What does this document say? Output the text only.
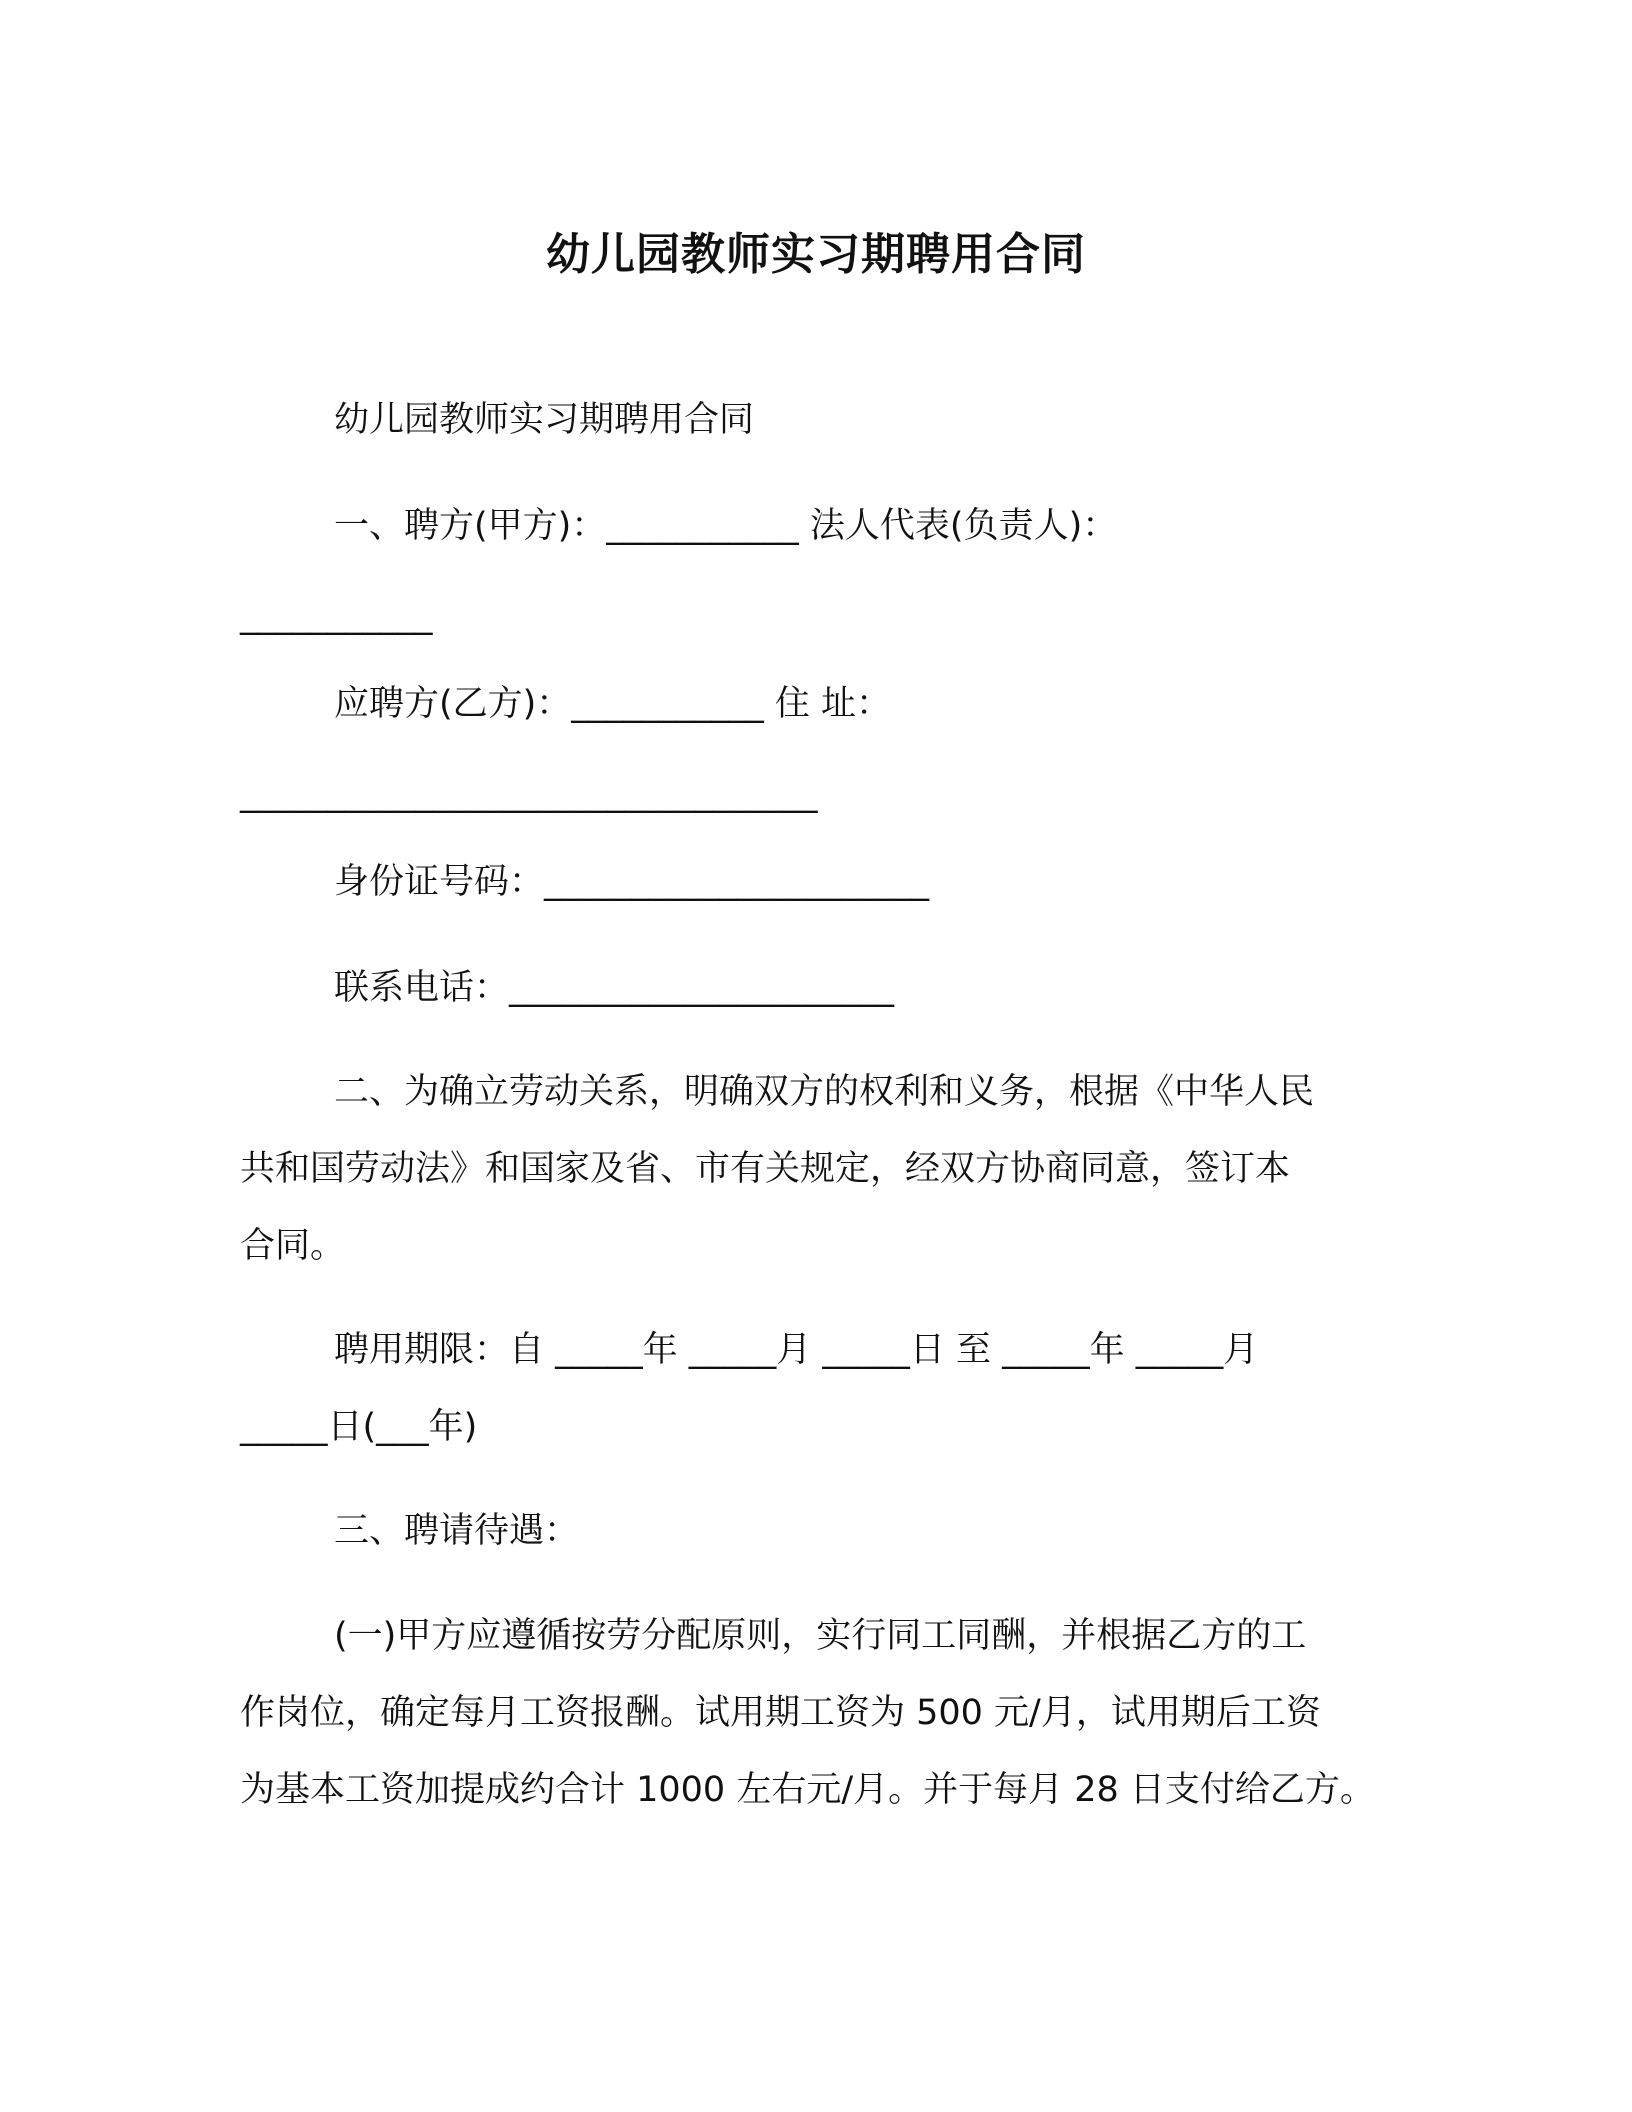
幼儿园教师实习期聘用合同

幼儿园教师实习期聘用合同

一、聘方(甲方)：___________ 法人代表(负责人)：

___________

应聘方(乙方)：___________ 住 址：

_________________________________

身份证号码：______________________

联系电话：______________________

二、为确立劳动关系，明确双方的权利和义务，根据《中华人民

共和国劳动法》和国家及省、市有关规定，经双方协商同意，签订本

合同。

聘用期限：自 _____年 _____月 _____日 至 _____年 _____月

_____日(___年)

三、聘请待遇：

(一)甲方应遵循按劳分配原则，实行同工同酬，并根据乙方的工

作岗位，确定每月工资报酬。试用期工资为 500 元/月，试用期后工资

为基本工资加提成约合计 1000 左右元/月。并于每月 28 日支付给乙方。
